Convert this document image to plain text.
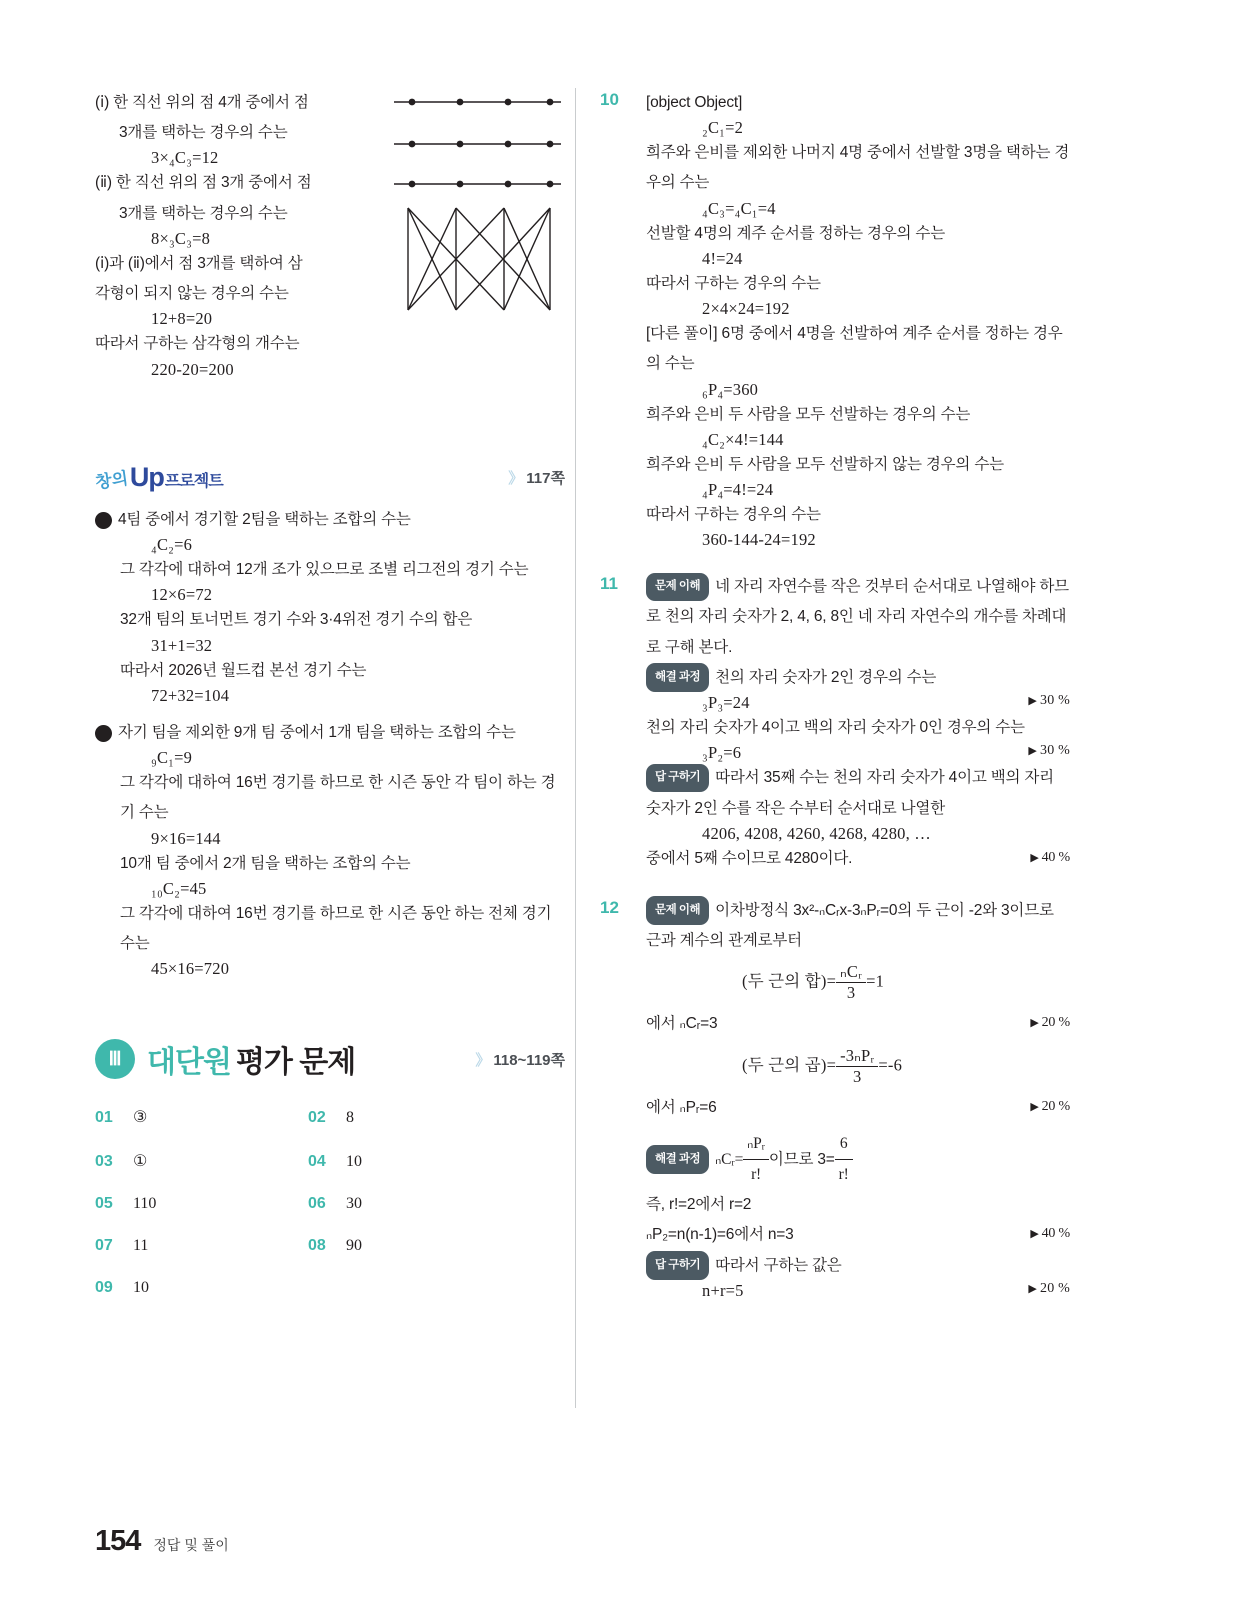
(ⅰ) 한 직선 위의 점 4개 중에서 점
3개를 택하는 경우의 수는
3×₄C₃=12
(ⅱ) 한 직선 위의 점 3개 중에서 점
3개를 택하는 경우의 수는
8×₃C₃=8
(ⅰ)과 (ⅱ)에서 점 3개를 택하여 삼
각형이 되지 않는 경우의 수는
12+8=20
따라서 구하는 삼각형의 개수는
220-20=200
창의 Up 프로젝트	》 117쪽
1 4팀 중에서 경기할 2팀을 택하는 조합의 수는
₄C₂=6
그 각각에 대하여 12개 조가 있으므로 조별 리그전의 경기 수는
12×6=72
32개 팀의 토너먼트 경기 수와 3·4위전 경기 수의 합은
31+1=32
따라서 2026년 월드컵 본선 경기 수는
72+32=104
2 자기 팀을 제외한 9개 팀 중에서 1개 팀을 택하는 조합의 수는
₉C₁=9
그 각각에 대하여 16번 경기를 하므로 한 시즌 동안 각 팀이 하는 경기 수는
9×16=144
10개 팀 중에서 2개 팀을 택하는 조합의 수는
₁₀C₂=45
그 각각에 대하여 16번 경기를 하므로 한 시즌 동안 하는 전체 경기 수는
45×16=720
Ⅲ 대단원 평가 문제	》 118~119쪽
01	③	02	8
03	①	04	10
05	110	06	30
07	11	08	90
09	10
10 [object Object]
₂C₁=2
희주와 은비를 제외한 나머지 4명 중에서 선발할 3명을 택하는 경우의 수는
₄C₃=₄C₁=4
선발할 4명의 계주 순서를 정하는 경우의 수는
4!=24
따라서 구하는 경우의 수는
2×4×24=192
[다른 풀이] 6명 중에서 4명을 선발하여 계주 순서를 정하는 경우의 수는
₆P₄=360
희주와 은비 두 사람을 모두 선발하는 경우의 수는
₄C₂×4!=144
희주와 은비 두 사람을 모두 선발하지 않는 경우의 수는
₄P₄=4!=24
따라서 구하는 경우의 수는
360-144-24=192
11	문제 이해 네 자리 자연수를 작은 것부터 순서대로 나열해야 하므로 천의 자리 숫자가 2, 4, 6, 8인 네 자리 자연수의 개수를 차례대로 구해 본다.
해결 과정 천의 자리 숫자가 2인 경우의 수는
▶ 30 %
₃P₃=24
천의 자리 숫자가 4이고 백의 자리 숫자가 0인 경우의 수는
▶ 30 %
₃P₂=6
답 구하기 따라서 35째 수는 천의 자리 숫자가 4이고 백의 자리 숫자가 2인 수를 작은 수부터 순서대로 나열한
4206, 4208, 4260, 4268, 4280, …
▶ 40 %
중에서 5째 수이므로 4280이다.
12	문제 이해 이차방정식 3x²-ₙCᵣx-3ₙPᵣ=0의 두 근이 -2와 3이므로 근과 계수의 관계로부터
(두 근의 합)= $\frac{\text{ₙCᵣ}}{3} =1$
▶ 20 %
에서 ₙCᵣ=3
(두 근의 곱)= $\frac{\text{-3ₙPᵣ}}{3} =-6$
▶ 20 %
에서 ₙPᵣ=6
해결 과정 ₙCᵣ= $\frac{\text{ₙPᵣ}}{r!}$ 이므로 $3= \frac{6}{r!}$
즉, r!=2에서 r=2
▶ 40 %
ₙP₂=n(n-1)=6에서 n=3
답 구하기 따라서 구하는 값은
▶ 20 %
n+r=5
154 정답 및 풀이
